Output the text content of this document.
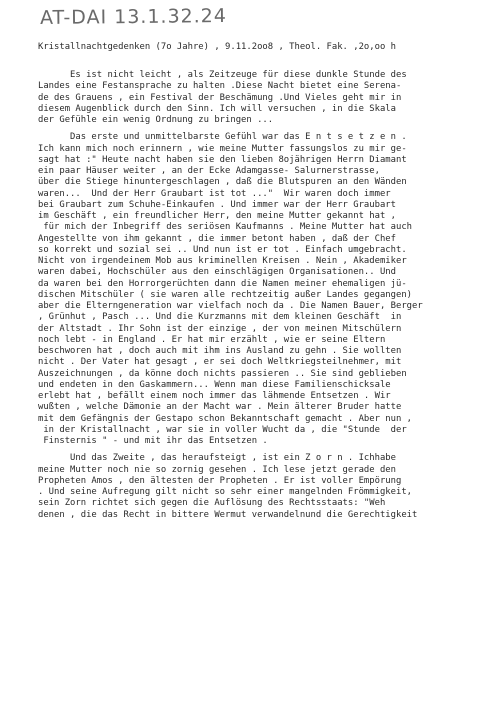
AT-DAI 13.1.32.24
Kristallnachtgedenken (7o Jahre) , 9.11.2oo8 , Theol. Fak. ,2o,oo h
Es ist nicht leicht , als Zeitzeuge für diese dunkle Stunde des
Landes eine Festansprache zu halten .Diese Nacht bietet eine Serena-
de des Grauens , ein Festival der Beschämung .Und Vieles geht mir in
diesem Augenblick durch den Sinn. Ich will versuchen , in die Skala
der Gefühle ein wenig Ordnung zu bringen ...
Das erste und unmittelbarste Gefühl war das E n t s e t z e n .
Ich kann mich noch erinnern , wie meine Mutter fassungslos zu mir ge-
sagt hat :" Heute nacht haben sie den lieben 8ojährigen Herrn Diamant
ein paar Häuser weiter , an der Ecke Adamgasse- Salurnerstrasse,
über die Stiege hinuntergeschlagen , daß die Blutspuren an den Wänden
waren...  Und der Herr Graubart ist tot ..."  Wir waren doch immer
bei Graubart zum Schuhe-Einkaufen . Und immer war der Herr Graubart
im Geschäft , ein freundlicher Herr, den meine Mutter gekannt hat ,
für mich der Inbegriff des seriösen Kaufmanns . Meine Mutter hat auch
Angestellte von ihm gekannt , die immer betont haben , daß der Chef
so korrekt und sozial sei .. Und nun ist er tot . Einfach umgebracht.
Nicht von irgendeinem Mob aus kriminellen Kreisen . Nein , Akademiker
waren dabei, Hochschüler aus den einschlägigen Organisationen.. Und
da waren bei den Horrorgerüchten dann die Namen meiner ehemaligen jü-
dischen Mitschüler ( sie waren alle rechtzeitig außer Landes gegangen)
aber die Elterngeneration war vielfach noch da . Die Namen Bauer, Berger
, Grünhut , Pasch ... Und die Kurzmanns mit dem kleinen Geschäft  in
der Altstadt . Ihr Sohn ist der einzige , der von meinen Mitschülern
noch lebt - in England . Er hat mir erzählt , wie er seine Eltern
beschworen hat , doch auch mit ihm ins Ausland zu gehn . Sie wollten
nicht . Der Vater hat gesagt , er sei doch Weltkriegsteilnehmer, mit
Auszeichnungen , da könne doch nichts passieren .. Sie sind geblieben
und endeten in den Gaskammern... Wenn man diese Familienschicksale
erlebt hat , befällt einem noch immer das lähmende Entsetzen . Wir
wußten , welche Dämonie an der Macht war . Mein älterer Bruder hatte
mit dem Gefängnis der Gestapo schon Bekanntschaft gemacht . Aber nun ,
in der Kristallnacht , war sie in voller Wucht da , die "Stunde  der
Finsternis " - und mit ihr das Entsetzen .
Und das Zweite , das heraufsteigt , ist ein Z o r n . Ichhabe
meine Mutter noch nie so zornig gesehen . Ich lese jetzt gerade den
Propheten Amos , den ältesten der Propheten . Er ist voller Empörung
. Und seine Aufregung gilt nicht so sehr einer mangelnden Frömmigkeit,
sein Zorn richtet sich gegen die Auflösung des Rechtsstaats: "Weh
denen , die das Recht in bittere Wermut verwandelnund die Gerechtigkeit
